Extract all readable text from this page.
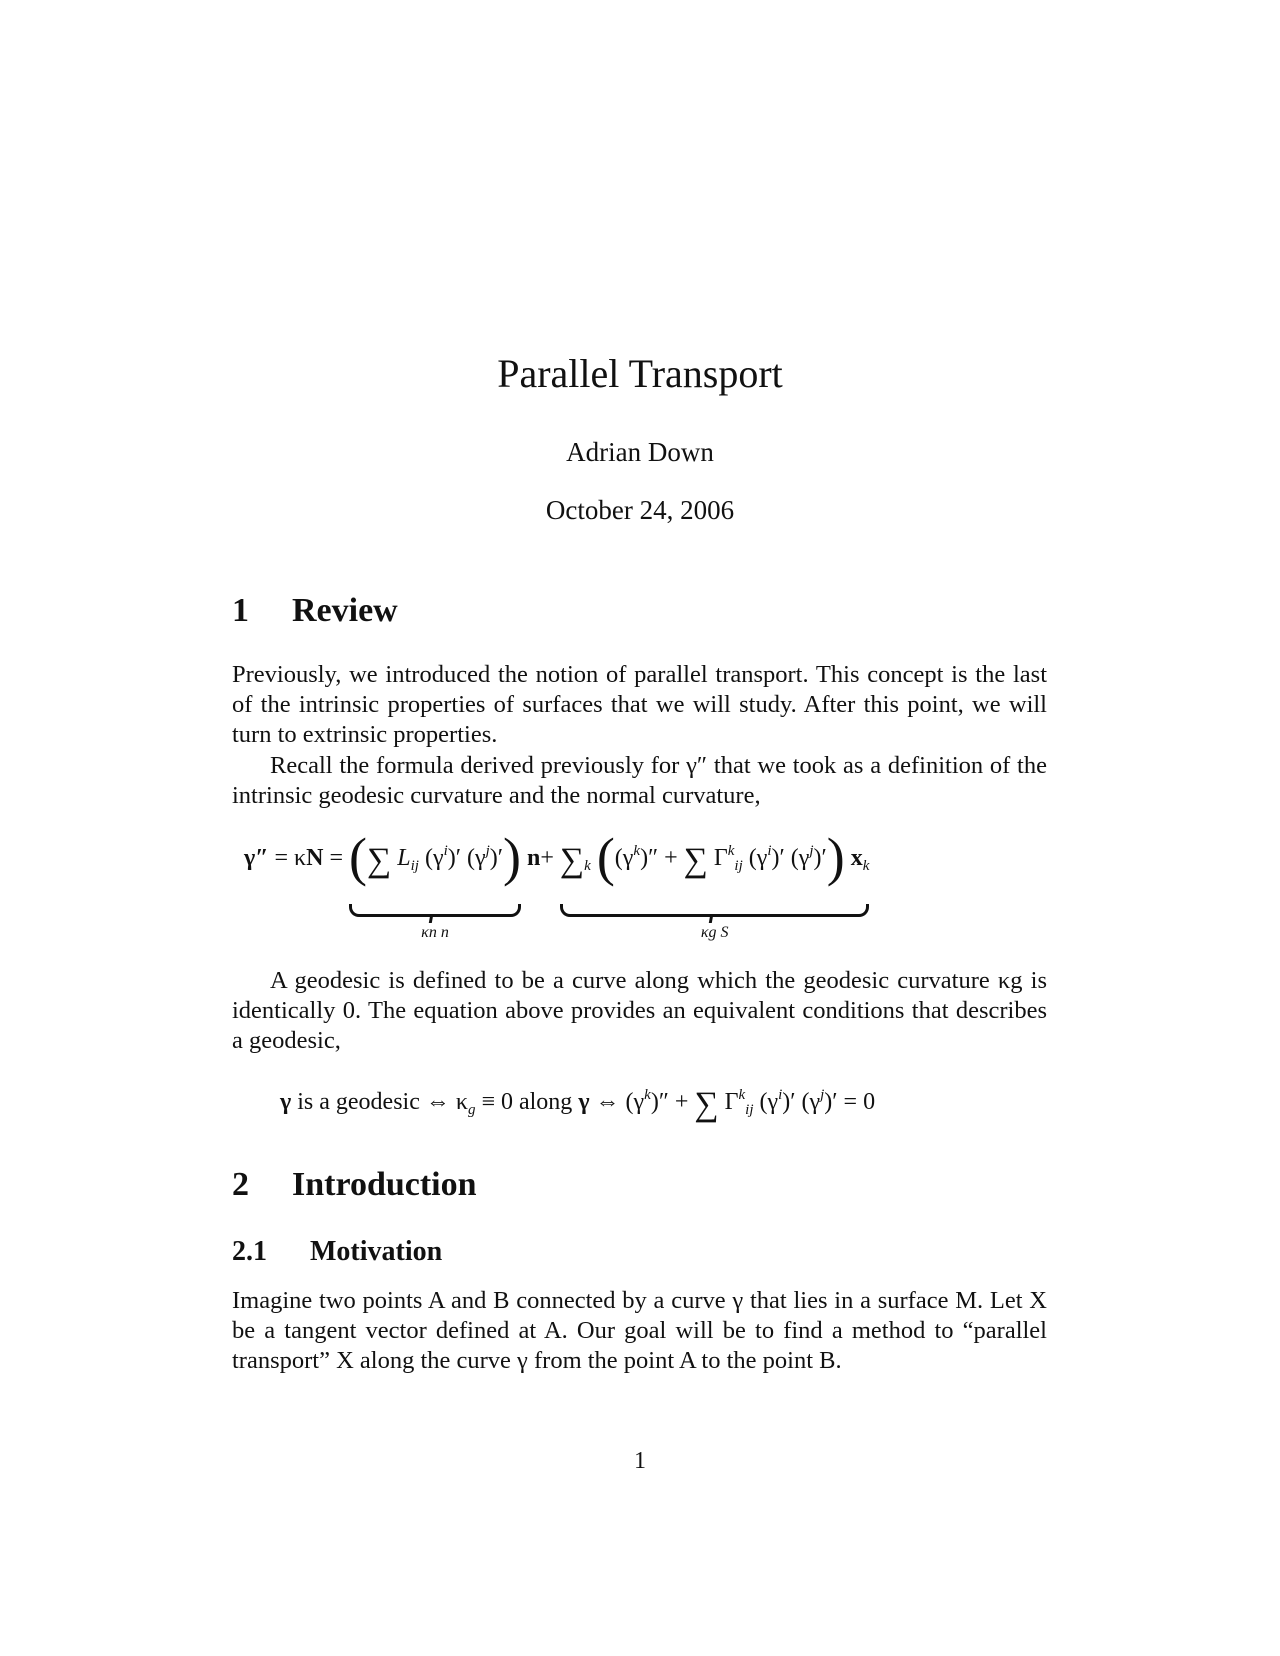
Parallel Transport
Adrian Down
October 24, 2006
1 Review

Previously, we introduced the notion of parallel transport. This concept is the last of the intrinsic properties of surfaces that we will study. After this point, we will turn to extrinsic properties.

Recall the formula derived previously for γ″ that we took as a definition of the intrinsic geodesic curvature and the normal curvature,

γ″ = κN = (∑ $L_{ij}$ $(\gamma^i)'$ $(\gamma^j)'$)
κn n
$n+ \sum_k$ ($(\gamma^k)''$ + ∑ $\Gamma^k_{ij}$ $(\gamma^i)'$ $(\gamma^j)'$) $x_k$
κg S

A geodesic is defined to be a curve along which the geodesic curvature κg is identically 0. The equation above provides an equivalent conditions that describes a geodesic,

γ is a geodesic ⇔ $\kappa_g \equiv 0$ along γ ⇔ $(\gamma^k)''$ + ∑ $\Gamma^k_{ij}$ $(\gamma^i)'$ $(\gamma^j)' = 0$
2 Introduction
2.1 Motivation

Imagine two points A and B connected by a curve γ that lies in a surface M. Let X be a tangent vector defined at A. Our goal will be to find a method to “parallel transport” X along the curve γ from the point A to the point B.

1
